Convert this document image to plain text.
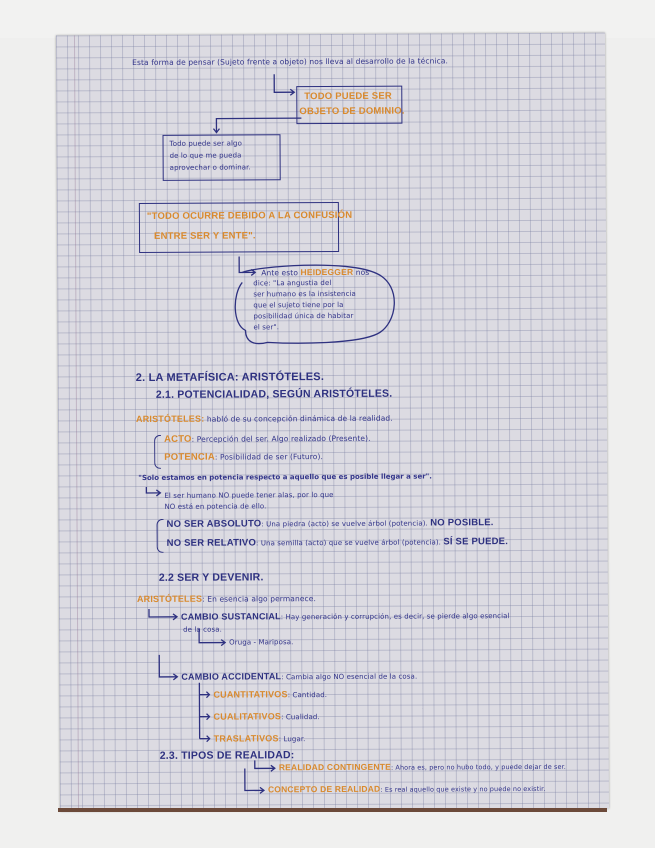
Esta forma de pensar (Sujeto frente a objeto) nos lleva al desarrollo de la técnica.
TODO PUEDE SER
OBJETO DE DOMINIO.
Todo puede ser algo
de lo que me pueda
aprovechar o dominar.
"TODO OCURRE DEBIDO A LA CONFUSIÓN
ENTRE SER Y ENTE".
Ante esto HEIDEGGER nos
dice: "La angustia del
ser humano es la insistencia
que el sujeto tiene por la
posibilidad única de habitar
el ser".
2. LA METAFÍSICA: ARISTÓTELES.
2.1. POTENCIALIDAD, SEGÚN ARISTÓTELES.
ARISTÓTELES: habló de su concepción dinámica de la realidad.
ACTO: Percepción del ser. Algo realizado (Presente).
POTENCIA: Posibilidad de ser (Futuro).
"Solo estamos en potencia respecto a aquello que es posible llegar a ser".
El ser humano NO puede tener alas, por lo que
NO está en potencia de ello.
NO SER ABSOLUTO: Una piedra (acto) se vuelve árbol (potencia). NO POSIBLE.
NO SER RELATIVO: Una semilla (acto) que se vuelve árbol (potencia). SÍ SE PUEDE.
2.2 SER Y DEVENIR.
ARISTÓTELES: En esencia algo permanece.
CAMBIO SUSTANCIAL: Hay generación y corrupción, es decir, se pierde algo esencial
de la cosa.
Oruga - Mariposa.
CAMBIO ACCIDENTAL: Cambia algo NO esencial de la cosa.
CUANTITATIVOS: Cantidad.
CUALITATIVOS: Cualidad.
TRASLATIVOS: Lugar.
2.3. TIPOS DE REALIDAD:
REALIDAD CONTINGENTE: Ahora es, pero no hubo todo, y puede dejar de ser.
CONCEPTO DE REALIDAD: Es real aquello que existe y no puede no existir.
